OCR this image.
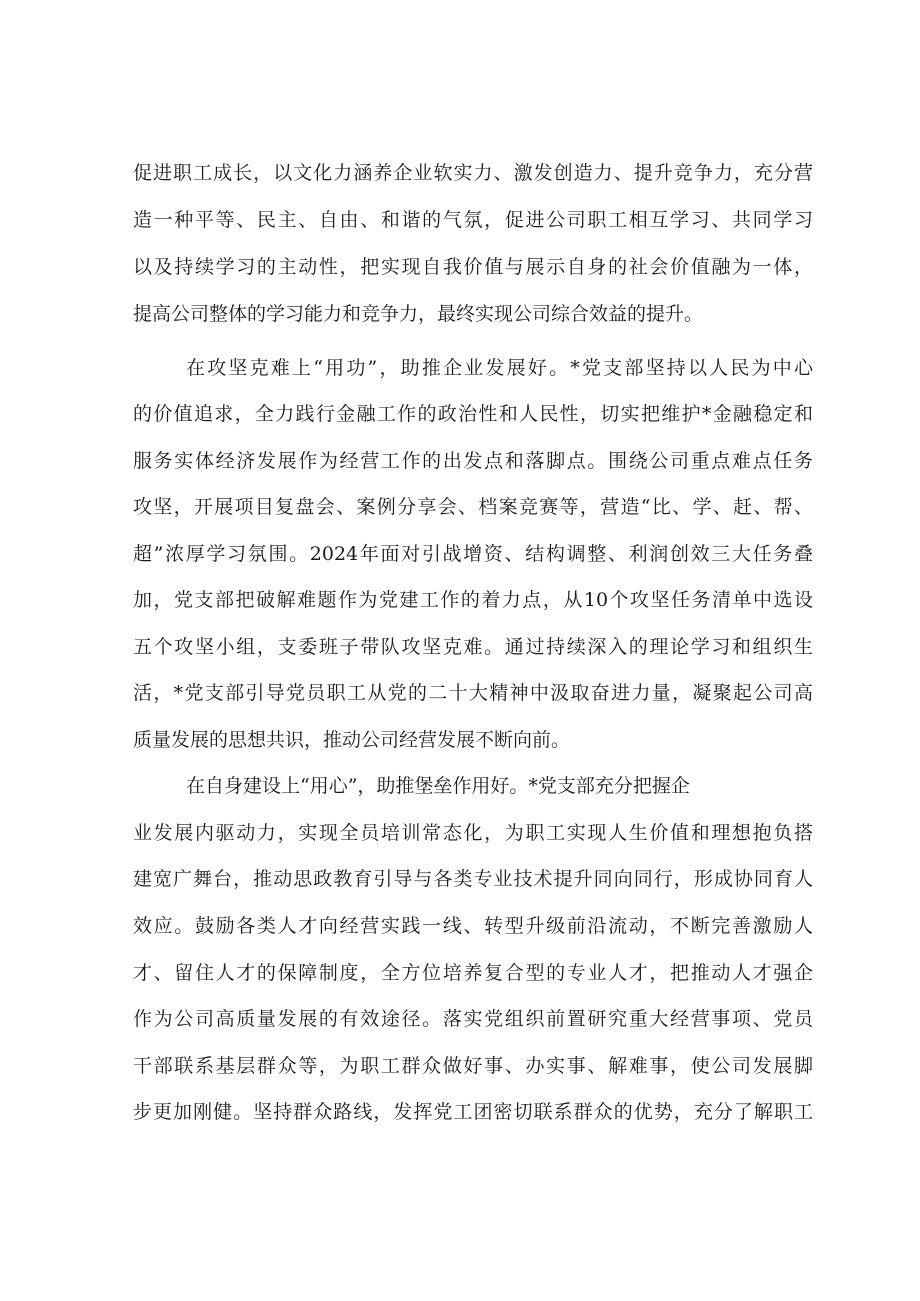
促进职工成长，以文化力涵养企业软实力、激发创造力、提升竞争力，充分营
造一种平等、民主、自由、和谐的气氛，促进公司职工相互学习、共同学习
以及持续学习的主动性，把实现自我价值与展示自身的社会价值融为一体，
提高公司整体的学习能力和竞争力，最终实现公司综合效益的提升。
在攻坚克难上“用功”，助推企业发展好。*党支部坚持以人民为中心
的价值追求，全力践行金融工作的政治性和人民性，切实把维护*金融稳定和
服务实体经济发展作为经营工作的出发点和落脚点。围绕公司重点难点任务
攻坚，开展项目复盘会、案例分享会、档案竞赛等，营造“比、学、赶、帮、
超”浓厚学习氛围。2024年面对引战增资、结构调整、利润创效三大任务叠
加，党支部把破解难题作为党建工作的着力点，从10个攻坚任务清单中选设
五个攻坚小组，支委班子带队攻坚克难。通过持续深入的理论学习和组织生
活，*党支部引导党员职工从党的二十大精神中汲取奋进力量，凝聚起公司高
质量发展的思想共识，推动公司经营发展不断向前。
在自身建设上“用心”，助推堡垒作用好。*党支部充分把握企
业发展内驱动力，实现全员培训常态化，为职工实现人生价值和理想抱负搭
建宽广舞台，推动思政教育引导与各类专业技术提升同向同行，形成协同育人
效应。鼓励各类人才向经营实践一线、转型升级前沿流动，不断完善激励人
才、留住人才的保障制度，全方位培养复合型的专业人才，把推动人才强企
作为公司高质量发展的有效途径。落实党组织前置研究重大经营事项、党员
干部联系基层群众等，为职工群众做好事、办实事、解难事，使公司发展脚
步更加刚健。坚持群众路线，发挥党工团密切联系群众的优势，充分了解职工
